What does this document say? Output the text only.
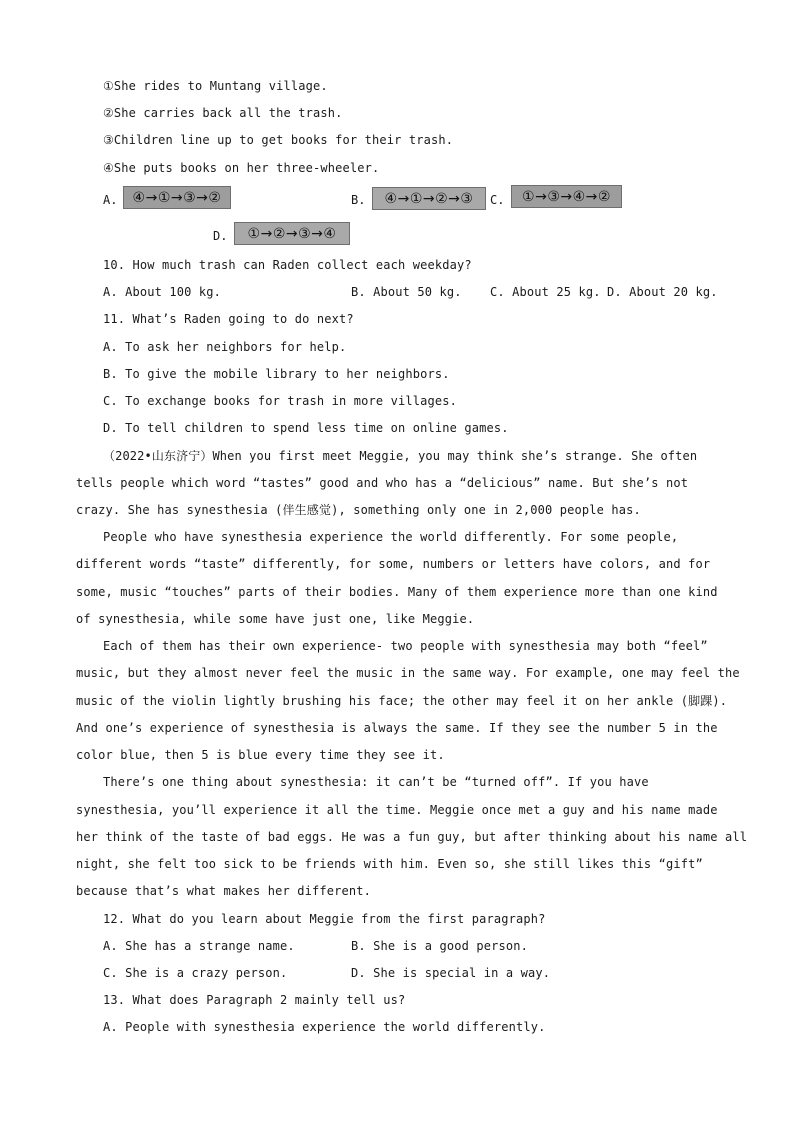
①She rides to Muntang village.
②She carries back all the trash.
③Children line up to get books for their trash.
④She puts books on her three-wheeler.
A.	④→①→③→②	B.	④→①→②→③	C.	①→③→④→②
D.	①→②→③→④
10. How much trash can Raden collect each weekday?
A. About 100 kg.	B. About 50 kg. C. About 25 kg. D. About 20 kg.
11. What’s Raden going to do next?
A. To ask her neighbors for help.
B. To give the mobile library to her neighbors.
C. To exchange books for trash in more villages.
D. To tell children to spend less time on online games.
（2022•山东济宁）When you first meet Meggie, you may think she’s strange. She often
tells people which word “tastes” good and who has a “delicious” name. But she’s not
crazy. She has synesthesia (伴生感觉), something only one in 2,000 people has.
People who have synesthesia experience the world differently. For some people,
different words “taste” differently, for some, numbers or letters have colors, and for
some, music “touches” parts of their bodies. Many of them experience more than one kind
of synesthesia, while some have just one, like Meggie.
Each of them has their own experience- two people with synesthesia may both “feel”
music, but they almost never feel the music in the same way. For example, one may feel the
music of the violin lightly brushing his face; the other may feel it on her ankle (脚踝).
And one’s experience of synesthesia is always the same. If they see the number 5 in the
color blue, then 5 is blue every time they see it.
There’s one thing about synesthesia: it can’t be “turned off”. If you have
synesthesia, you’ll experience it all the time. Meggie once met a guy and his name made
her think of the taste of bad eggs. He was a fun guy, but after thinking about his name all
night, she felt too sick to be friends with him. Even so, she still likes this “gift”
because that’s what makes her different.
12. What do you learn about Meggie from the first paragraph?
A. She has a strange name.	B. She is a good person.
C. She is a crazy person.	D. She is special in a way.
13. What does Paragraph 2 mainly tell us?
A. People with synesthesia experience the world differently.
